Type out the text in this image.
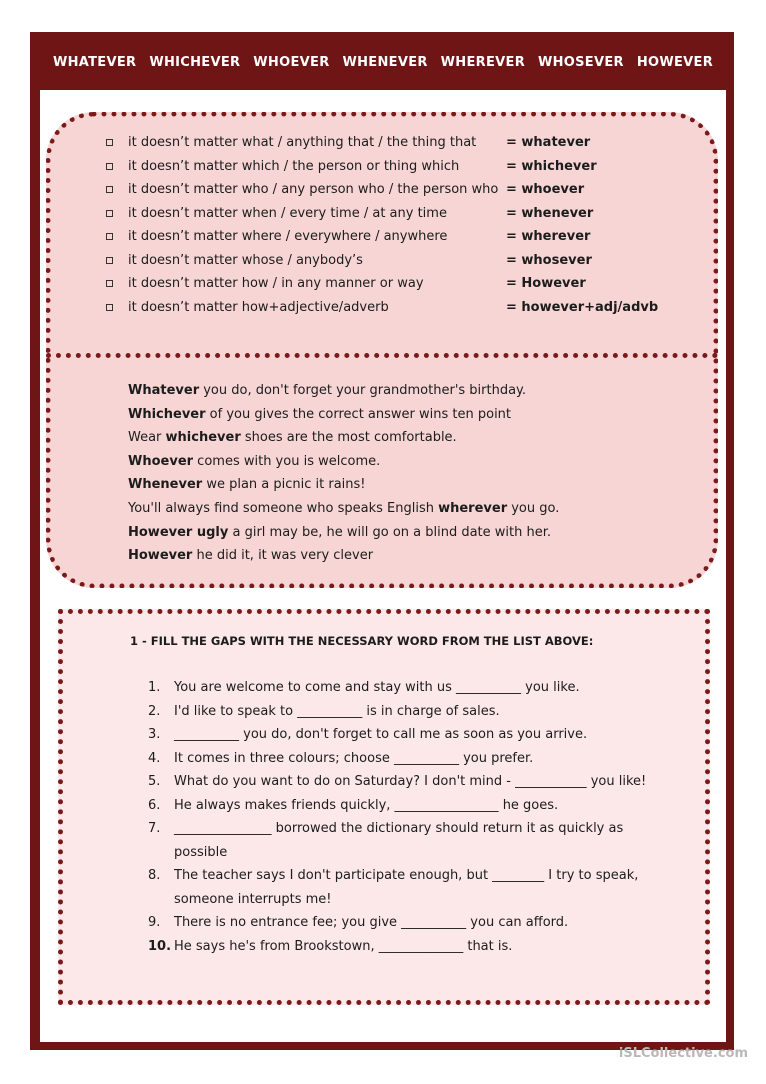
WHATEVER WHICHEVER WHOEVER WHENEVER WHEREVER WHOSEVER HOWEVER
it doesn’t matter what / anything that / the thing that = whatever
it doesn’t matter which / the person or thing which	= whichever
it doesn’t matter who / any person who / the person who = whoever
it doesn’t matter when / every time / at any time	= whenever
it doesn’t matter where / everywhere / anywhere	= wherever
it doesn’t matter whose / anybody’s	= whosever
it doesn’t matter how / in any manner or way	= However
it doesn’t matter how+adjective/adverb	= however+adj/advb
Whatever you do, don't forget your grandmother's birthday.
Whichever of you gives the correct answer wins ten point
Wear whichever shoes are the most comfortable.
Whoever comes with you is welcome.
Whenever we plan a picnic it rains!
You'll always find someone who speaks English wherever you go.
However ugly a girl may be, he will go on a blind date with her.
However he did it, it was very clever
1 - FILL THE GAPS WITH THE NECESSARY WORD FROM THE LIST ABOVE:
1. You are welcome to come and stay with us __________ you like.
2. I'd like to speak to __________ is in charge of sales.
3. __________ you do, don't forget to call me as soon as you arrive.
4. It comes in three colours; choose __________ you prefer.
5. What do you want to do on Saturday? I don't mind - ___________ you like!
6. He always makes friends quickly, ________________ he goes.
7. _______________ borrowed the dictionary should return it as quickly as
possible
8. The teacher says I don't participate enough, but ________ I try to speak,
someone interrupts me!
9. There is no entrance fee; you give __________ you can afford.
10. He says he's from Brookstown, _____________ that is.
iSLCollective.com
